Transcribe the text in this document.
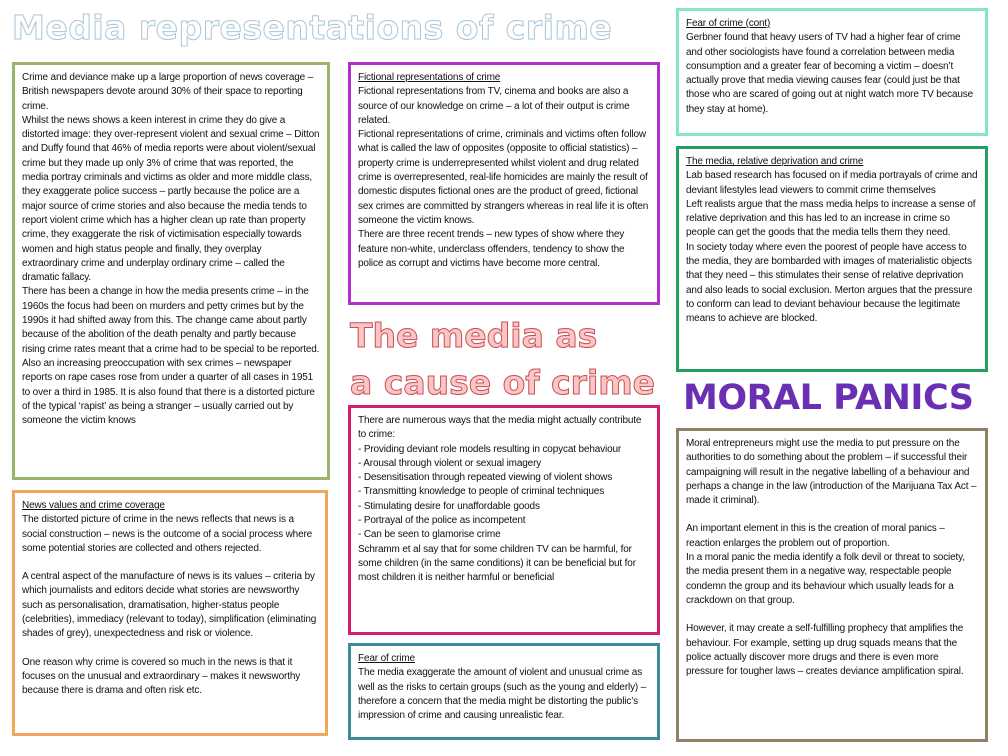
Media representations of crime

Crime and deviance make up a large proportion of news coverage – British newspapers devote around 30% of their space to reporting crime.

Whilst the news shows a keen interest in crime they do give a distorted image: they over-represent violent and sexual crime – Ditton and Duffy found that 46% of media reports were about violent/sexual crime but they made up only 3% of crime that was reported, the media portray criminals and victims as older and more middle class, they exaggerate police success – partly because the police are a major source of crime stories and also because the media tends to report violent crime which has a higher clean up rate than property crime, they exaggerate the risk of victimisation especially towards women and high status people and finally, they overplay extraordinary crime and underplay ordinary crime – called the dramatic fallacy.

There has been a change in how the media presents crime – in the 1960s the focus had been on murders and petty crimes but by the 1990s it had shifted away from this. The change came about partly because of the abolition of the death penalty and partly because rising crime rates meant that a crime had to be special to be reported.

Also an increasing preoccupation with sex crimes – newspaper reports on rape cases rose from under a quarter of all cases in 1951 to over a third in 1985. It is also found that there is a distorted picture of the typical ‘rapist’ as being a stranger – usually carried out by someone the victim knows

News values and crime coverage

The distorted picture of crime in the news reflects that news is a social construction – news is the outcome of a social process where some potential stories are collected and others rejected.

A central aspect of the manufacture of news is its values – criteria by which journalists and editors decide what stories are newsworthy such as personalisation, dramatisation, higher-status people (celebrities), immediacy (relevant to today), simplification (eliminating shades of grey), unexpectedness and risk or violence.

One reason why crime is covered so much in the news is that it focuses on the unusual and extraordinary – makes it newsworthy because there is drama and often risk etc.

Fictional representations of crime

Fictional representations from TV, cinema and books are also a source of our knowledge on crime – a lot of their output is crime related.

Fictional representations of crime, criminals and victims often follow what is called the law of opposites (opposite to official statistics) – property crime is underrepresented whilst violent and drug related crime is overrepresented, real-life homicides are mainly the result of domestic disputes fictional ones are the product of greed, fictional sex crimes are committed by strangers whereas in real life it is often someone the victim knows.

There are three recent trends – new types of show where they feature non-white, underclass offenders, tendency to show the police as corrupt and victims have become more central.

The media as
a cause of crime

There are numerous ways that the media might actually contribute to crime:

- Providing deviant role models resulting in copycat behaviour
- Arousal through violent or sexual imagery
- Desensitisation through repeated viewing of violent shows
- Transmitting knowledge to people of criminal techniques
- Stimulating desire for unaffordable goods
- Portrayal of the police as incompetent
- Can be seen to glamorise crime

Schramm et al say that for some children TV can be harmful, for some children (in the same conditions) it can be beneficial but for most children it is neither harmful or beneficial

Fear of crime

The media exaggerate the amount of violent and unusual crime as well as the risks to certain groups (such as the young and elderly) – therefore a concern that the media might be distorting the public’s impression of crime and causing unrealistic fear.

Fear of crime (cont)

Gerbner found that heavy users of TV had a higher fear of crime and other sociologists have found a correlation between media consumption and a greater fear of becoming a victim – doesn’t actually prove that media viewing causes fear (could just be that those who are scared of going out at night watch more TV because they stay at home).

The media, relative deprivation and crime

Lab based research has focused on if media portrayals of crime and deviant lifestyles lead viewers to commit crime themselves

Left realists argue that the mass media helps to increase a sense of relative deprivation and this has led to an increase in crime so people can get the goods that the media tells them they need.

In society today where even the poorest of people have access to the media, they are bombarded with images of materialistic objects that they need – this stimulates their sense of relative deprivation and also leads to social exclusion. Merton argues that the pressure to conform can lead to deviant behaviour because the legitimate means to achieve are blocked.

MORAL PANICS

Moral entrepreneurs might use the media to put pressure on the authorities to do something about the problem – if successful their campaigning will result in the negative labelling of a behaviour and perhaps a change in the law (introduction of the Marijuana Tax Act – made it criminal).

An important element in this is the creation of moral panics – reaction enlarges the problem out of proportion.

In a moral panic the media identify a folk devil or threat to society, the media present them in a negative way, respectable people condemn the group and its behaviour which usually leads for a crackdown on that group.

However, it may create a self-fulfilling prophecy that amplifies the behaviour. For example, setting up drug squads means that the police actually discover more drugs and there is even more pressure for tougher laws – creates deviance amplification spiral.
